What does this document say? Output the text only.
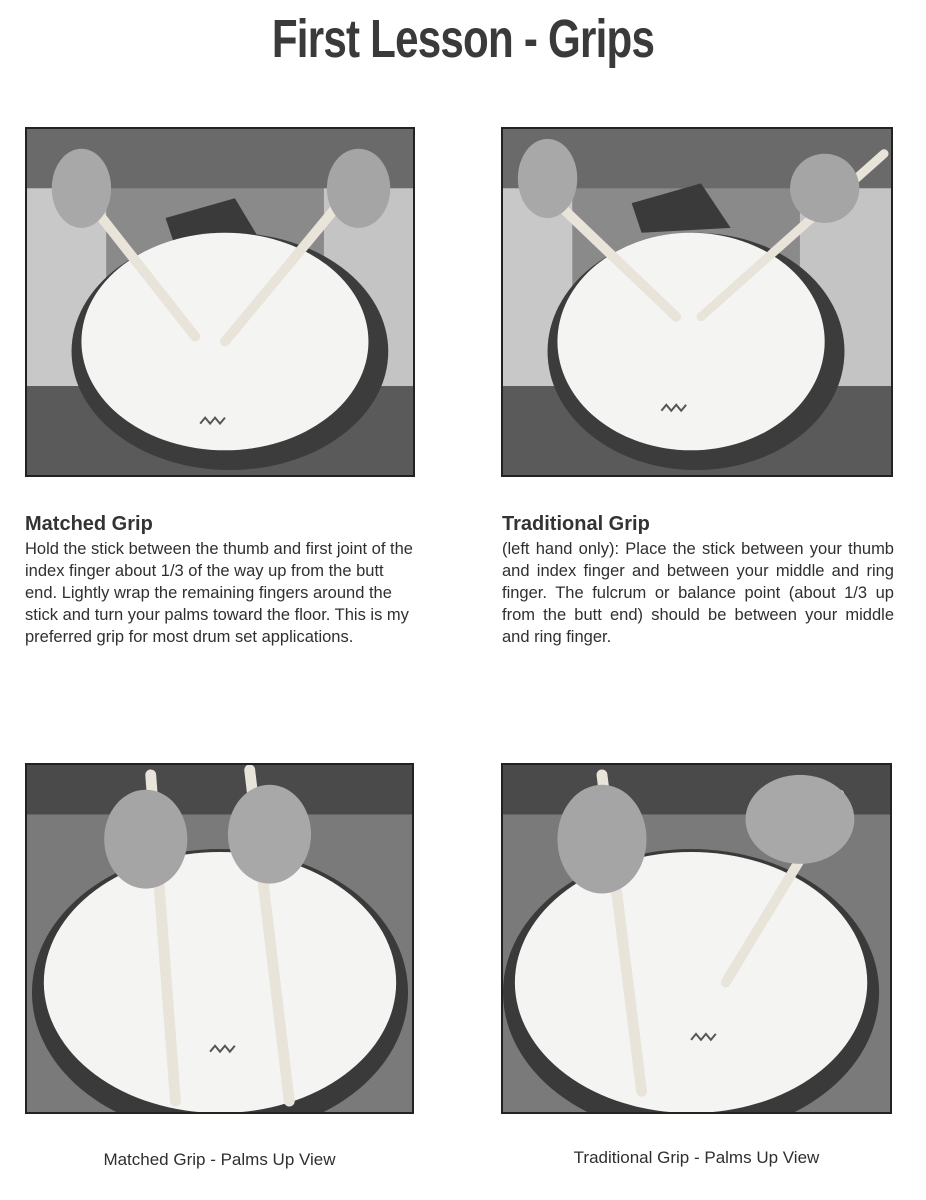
First Lesson - Grips
Matched Grip
Hold the stick between the thumb and first joint of the index finger about 1/3 of the way up from the butt end. Lightly wrap the remaining fingers around the stick and turn your palms toward the floor. This is my preferred grip for most drum set applications.
Traditional Grip
(left hand only): Place the stick between your thumb and index finger and between your middle and ring finger. The fulcrum or balance point (about 1/3 up from the butt end) should be between your middle and ring finger.
Matched Grip - Palms Up View	Traditional Grip - Palms Up View
